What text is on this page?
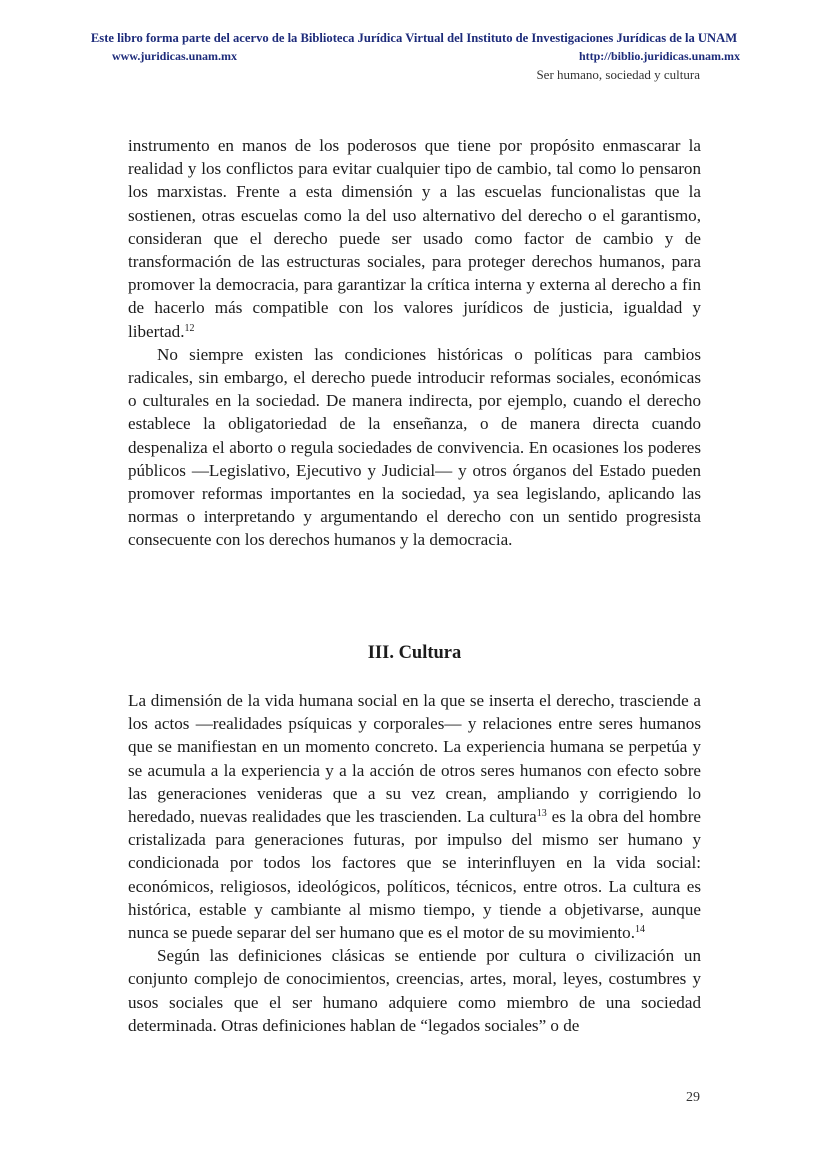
Este libro forma parte del acervo de la Biblioteca Jurídica Virtual del Instituto de Investigaciones Jurídicas de la UNAM
www.juridicas.unam.mx	http://biblio.juridicas.unam.mx
Ser humano, sociedad y cultura

instrumento en manos de los poderosos que tiene por propósito enmascarar la realidad y los conflictos para evitar cualquier tipo de cambio, tal como lo pensaron los marxistas. Frente a esta dimensión y a las escuelas funcionalistas que la sostienen, otras escuelas como la del uso alternativo del derecho o el garantismo, consideran que el derecho puede ser usado como factor de cambio y de transformación de las estructuras sociales, para proteger derechos humanos, para promover la democracia, para garantizar la crítica interna y externa al derecho a fin de hacerlo más compatible con los valores jurídicos de justicia, igualdad y libertad.$^{12}$

No siempre existen las condiciones históricas o políticas para cambios radicales, sin embargo, el derecho puede introducir reformas sociales, económicas o culturales en la sociedad. De manera indirecta, por ejemplo, cuando el derecho establece la obligatoriedad de la enseñanza, o de manera directa cuando despenaliza el aborto o regula sociedades de convivencia. En ocasiones los poderes públicos —Legislativo, Ejecutivo y Judicial— y otros órganos del Estado pueden promover reformas importantes en la sociedad, ya sea legislando, aplicando las normas o interpretando y argumentando el derecho con un sentido progresista consecuente con los derechos humanos y la democracia.

III. Cultura

La dimensión de la vida humana social en la que se inserta el derecho, trasciende a los actos —realidades psíquicas y corporales— y relaciones entre seres humanos que se manifiestan en un momento concreto. La experiencia humana se perpetúa y se acumula a la experiencia y a la acción de otros seres humanos con efecto sobre las generaciones venideras que a su vez crean, ampliando y corrigiendo lo heredado, nuevas realidades que les trascienden. La cultura$^{13}$ es la obra del hombre cristalizada para generaciones futuras, por impulso del mismo ser humano y condicionada por todos los factores que se interinfluyen en la vida social: económicos, religiosos, ideológicos, políticos, técnicos, entre otros. La cultura es histórica, estable y cambiante al mismo tiempo, y tiende a objetivarse, aunque nunca se puede separar del ser humano que es el motor de su movimiento.$^{14}$

Según las definiciones clásicas se entiende por cultura o civilización un conjunto complejo de conocimientos, creencias, artes, moral, leyes, costumbres y usos sociales que el ser humano adquiere como miembro de una sociedad determinada. Otras definiciones hablan de “legados sociales” o de

29
